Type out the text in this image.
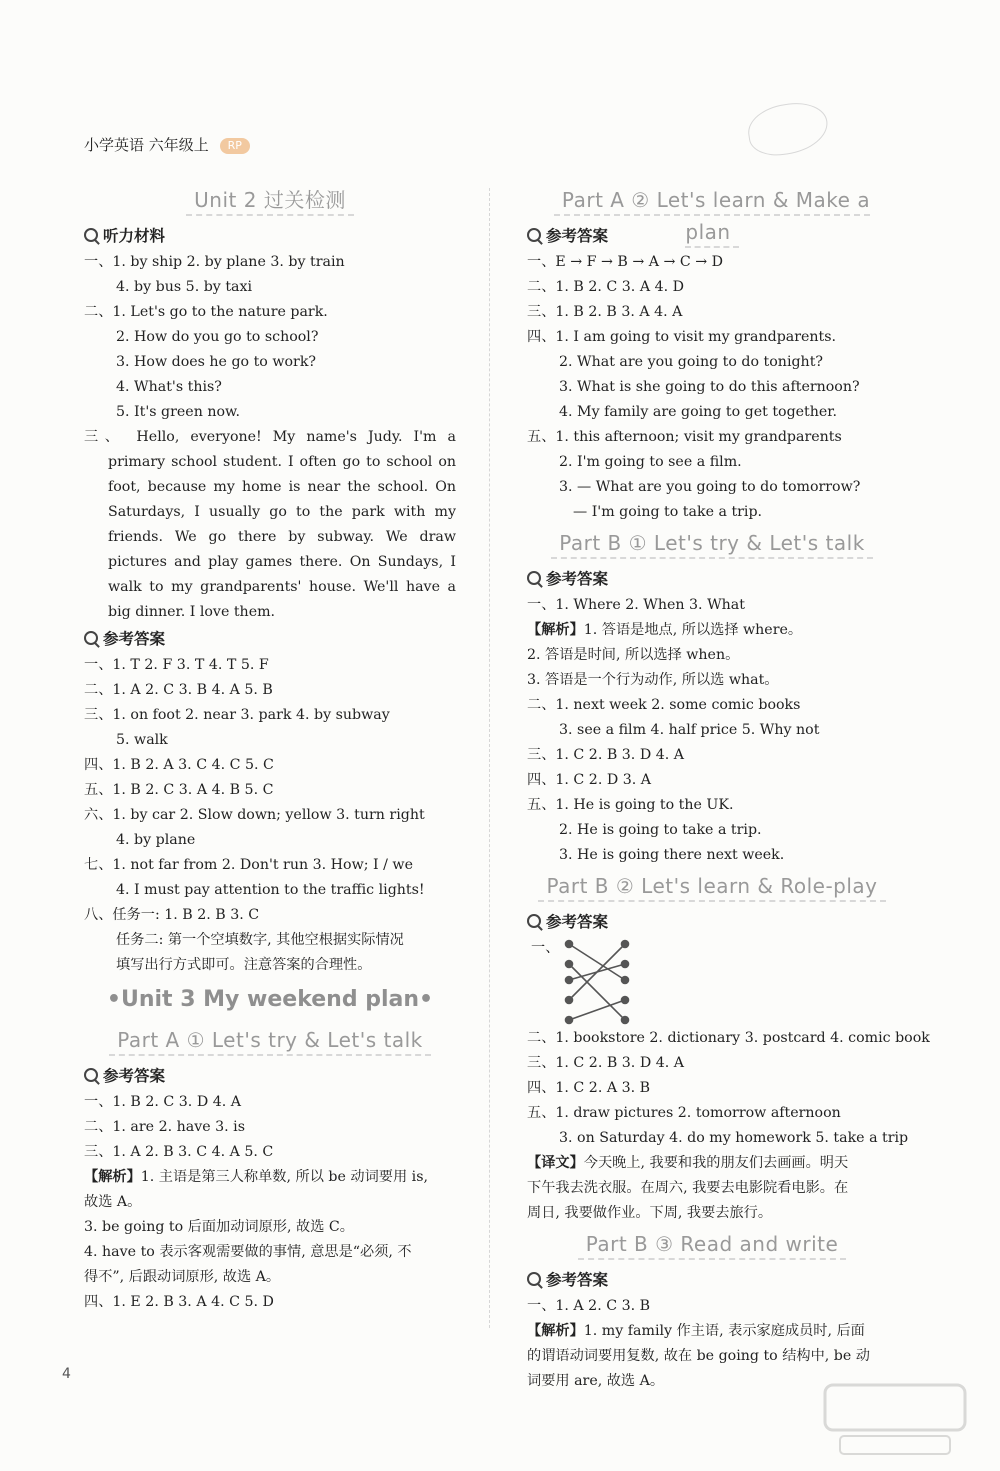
小学英语 六年级上 RP
Unit 2 过关检测
听力材料
一、1. by ship 2. by plane 3. by train
4. by bus 5. by taxi
二、1. Let's go to the nature park.
2. How do you go to school?
3. How does he go to work?
4. What's this?
5. It's green now.
三、 Hello, everyone! My name's Judy. I'm a primary school student. I often go to school on foot, because my home is near the school. On Saturdays, I usually go to the park with my friends. We go there by subway. We draw pictures and play games there. On Sundays, I walk to my grandparents' house. We'll have a big dinner. I love them.
参考答案
一、1. T 2. F 3. T 4. T 5. F
二、1. A 2. C 3. B 4. A 5. B
三、1. on foot 2. near 3. park 4. by subway
5. walk
四、1. B 2. A 3. C 4. C 5. C
五、1. B 2. C 3. A 4. B 5. C
六、1. by car 2. Slow down; yellow 3. turn right
4. by plane
七、1. not far from 2. Don't run 3. How; I / we
4. I must pay attention to the traffic lights!
八、任务一: 1. B 2. B 3. C
任务二: 第一个空填数字, 其他空根据实际情况
填写出行方式即可。注意答案的合理性。
•Unit 3 My weekend plan•
Part A ① Let's try & Let's talk
参考答案
一、1. B 2. C 3. D 4. A
二、1. are 2. have 3. is
三、1. A 2. B 3. C 4. A 5. C
【解析】1. 主语是第三人称单数, 所以 be 动词要用 is,
故选 A。
3. be going to 后面加动词原形, 故选 C。
4. have to 表示客观需要做的事情, 意思是“必须, 不
得不”, 后跟动词原形, 故选 A。
四、1. E 2. B 3. A 4. C 5. D
Part A ② Let's learn & Make a plan
参考答案
一、E → F → B → A → C → D
二、1. B 2. C 3. A 4. D
三、1. B 2. B 3. A 4. A
四、1. I am going to visit my grandparents.
2. What are you going to do tonight?
3. What is she going to do this afternoon?
4. My family are going to get together.
五、1. this afternoon; visit my grandparents
2. I'm going to see a film.
3. — What are you going to do tomorrow?
— I'm going to take a trip.
Part B ① Let's try & Let's talk
参考答案
一、1. Where 2. When 3. What
【解析】1. 答语是地点, 所以选择 where。
2. 答语是时间, 所以选择 when。
3. 答语是一个行为动作, 所以选 what。
二、1. next week 2. some comic books
3. see a film 4. half price 5. Why not
三、1. C 2. B 3. D 4. A
四、1. C 2. D 3. A
五、1. He is going to the UK.
2. He is going to take a trip.
3. He is going there next week.
Part B ② Let's learn & Role-play
参考答案
一、
二、1. bookstore 2. dictionary 3. postcard 4. comic book
三、1. C 2. B 3. D 4. A
四、1. C 2. A 3. B
五、1. draw pictures 2. tomorrow afternoon
3. on Saturday 4. do my homework 5. take a trip
【译文】今天晚上, 我要和我的朋友们去画画。明天
下午我去洗衣服。在周六, 我要去电影院看电影。在
周日, 我要做作业。下周, 我要去旅行。
Part B ③ Read and write
参考答案
一、1. A 2. C 3. B
【解析】1. my family 作主语, 表示家庭成员时, 后面
的谓语动词要用复数, 故在 be going to 结构中, be 动
词要用 are, 故选 A。
4
